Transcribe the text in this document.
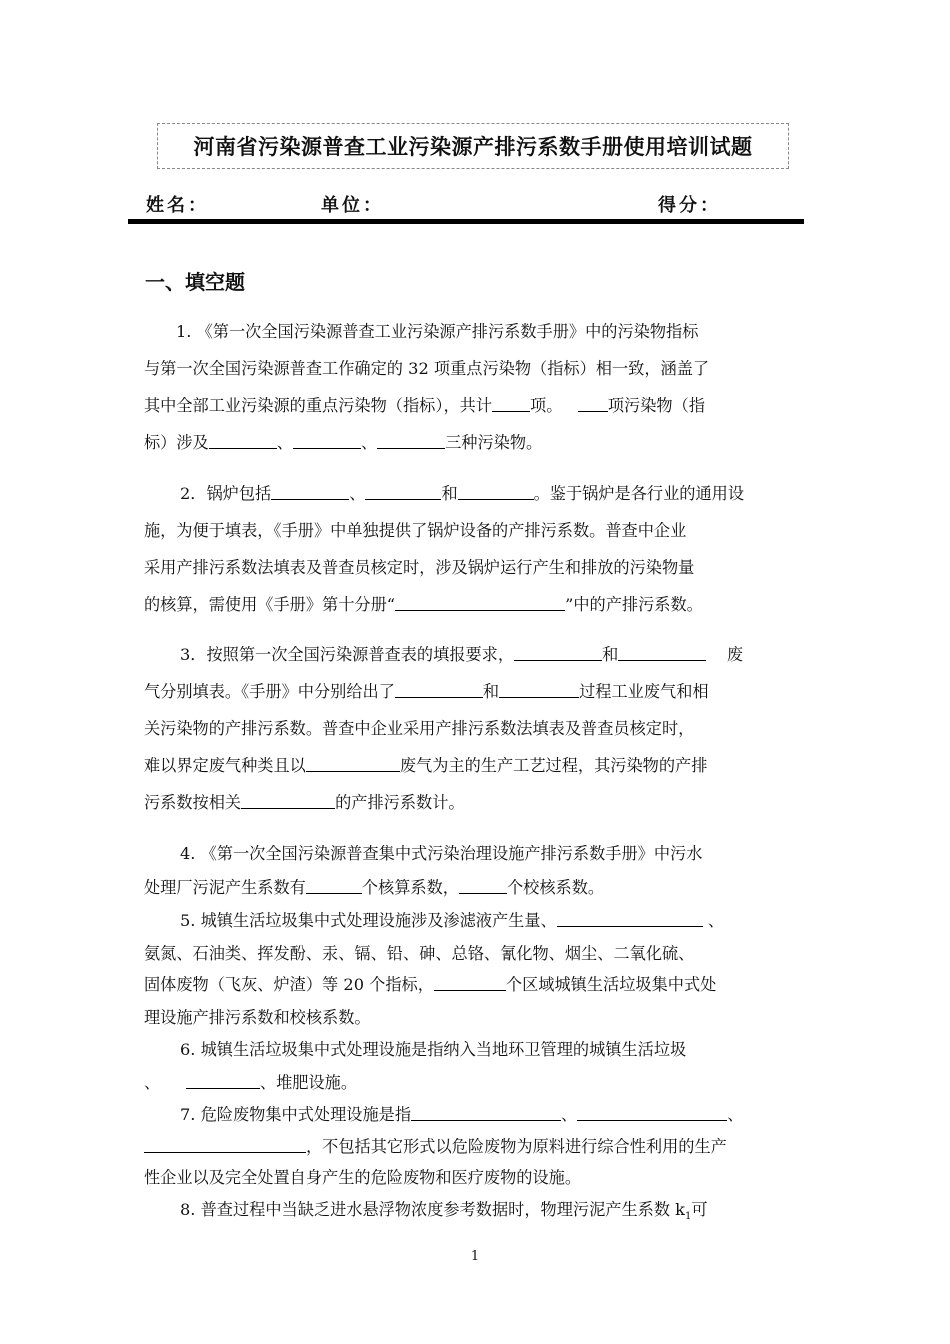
河南省污染源普查工业污染源产排污系数手册使用培训试题
姓名：	单位：	得分：
一、填空题
1. 《第一次全国污染源普查工业污染源产排污系数手册》中的污染物指标
与第一次全国污染源普查工作确定的 32 项重点污染物（指标）相一致，涵盖了
其中全部工业污染源的重点污染物（指标），共计 项。	项污染物（指
标）涉及	、	、	三种污染物。
2．锅炉包括	、	和	。鉴于锅炉是各行业的通用设
施，为便于填表，《手册》中单独提供了锅炉设备的产排污系数。普查中企业
采用产排污系数法填表及普查员核定时，涉及锅炉运行产生和排放的污染物量
的核算，需使用《手册》第十分册“	”中的产排污系数。
3．按照第一次全国污染源普查表的填报要求，	和	废
气分别填表。《手册》中分别给出了	和	过程工业废气和相
关污染物的产排污系数。普查中企业采用产排污系数法填表及普查员核定时，
难以界定废气种类且以	废气为主的生产工艺过程，其污染物的产排
污系数按相关	的产排污系数计。
4. 《第一次全国污染源普查集中式污染治理设施产排污系数手册》中污水
处理厂污泥产生系数有	个核算系数，	个校核系数。
5. 城镇生活垃圾集中式处理设施涉及渗滤液产生量、	、
氨氮、石油类、挥发酚、汞、镉、铅、砷、总铬、氰化物、烟尘、二氧化硫、
固体废物（飞灰、炉渣）等 20 个指标，	个区域城镇生活垃圾集中式处
理设施产排污系数和校核系数。
6. 城镇生活垃圾集中式处理设施是指纳入当地环卫管理的城镇生活垃圾
、	、堆肥设施。
7. 危险废物集中式处理设施是指	、	、
，不包括其它形式以危险废物为原料进行综合性利用的生产
性企业以及完全处置自身产生的危险废物和医疗废物的设施。
8. 普查过程中当缺乏进水悬浮物浓度参考数据时，物理污泥产生系数 $k_1$可
1
